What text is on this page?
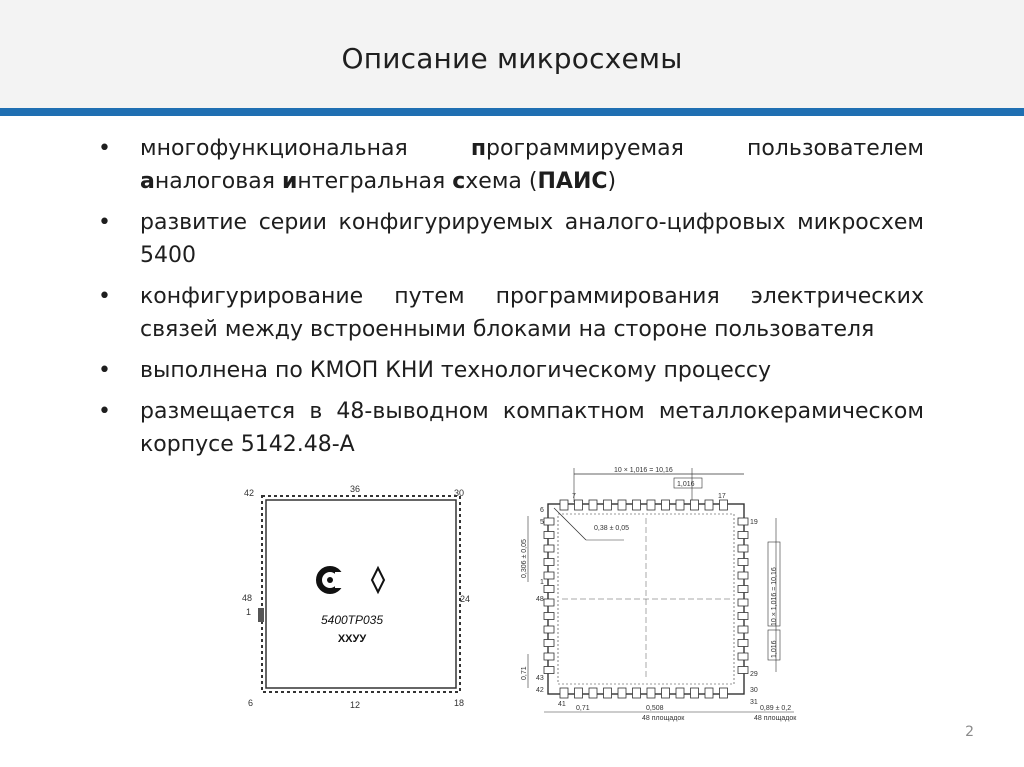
Описание микросхемы
• многофункциональная программируемая пользователем аналоговая интегральная схема (ПАИС)
• развитие серии конфигурируемых аналого-цифровых микросхем 5400
• конфигурирование путем программирования электрических связей между встроенными блоками на стороне пользователя
• выполнена по КМОП КНИ технологическому процессу
• размещается в 48-выводном компактном металлокерамическом корпусе 5142.48-А
42	36	30
48
1
24
6	12	18
С
5400ТР035
ХХУУ
10 × 1,016 = 10,16
1,016
0,38 ± 0,05
7	17
6
5
1
48
43
42
41
19
29
31
30
0,306 ± 0,05
0,71
10 × 1,016 = 10,16
1,016
0,71	0,508	0,89 ± 0,2
48 площадок	48 площадок
2
